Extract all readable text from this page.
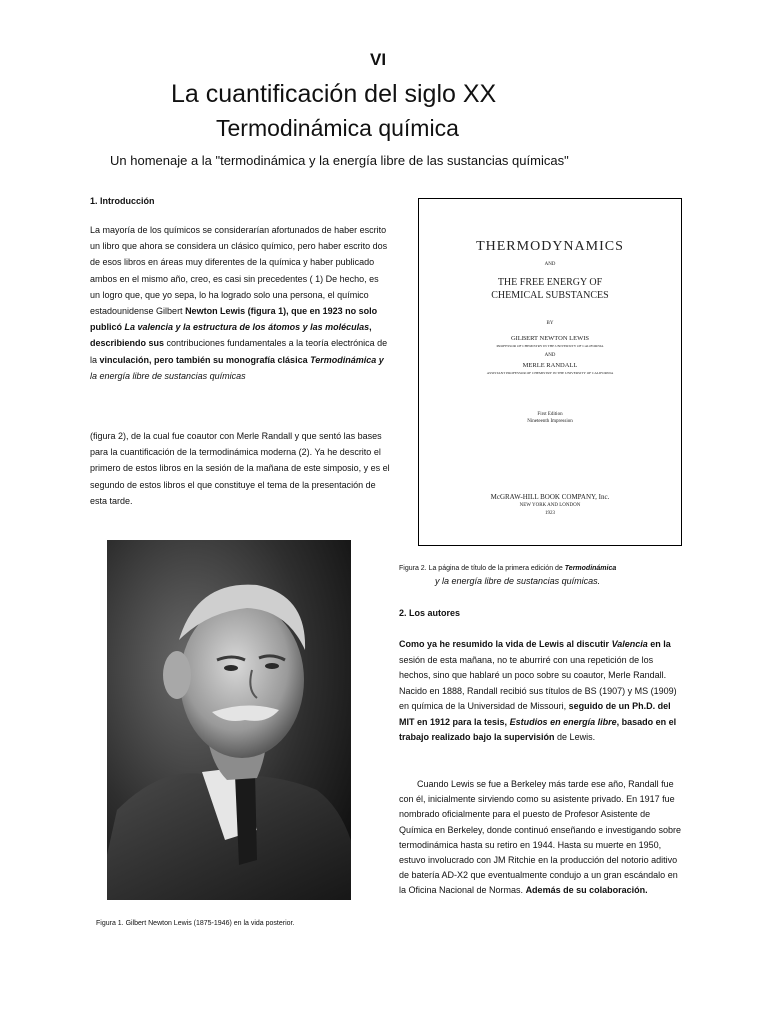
VI
La cuantificación del siglo XX
Termodinámica química
Un homenaje a la "termodinámica y la energía libre de las sustancias químicas"
1. Introducción
La mayoría de los químicos se considerarían afortunados de haber escrito un libro que ahora se considera un clásico químico, pero haber escrito dos de esos libros en áreas muy diferentes de la química y haber publicado ambos en el mismo año, creo, es casi sin precedentes ( 1) De hecho, es un logro que, que yo sepa, lo ha logrado solo una persona, el químico estadounidense Gilbert Newton Lewis (figura 1), que en 1923 no solo publicó La valencia y la estructura de los átomos y las moléculas, describiendo sus contribuciones fundamentales a la teoría electrónica de la vinculación, pero también su monografía clásica Termodinámica y la energía libre de sustancias químicas
(figura 2), de la cual fue coautor con Merle Randall y que sentó las bases para la cuantificación de la termodinámica moderna (2). Ya he descrito el primero de estos libros en la sesión de la mañana de este simposio, y es el segundo de estos libros el que constituye el tema de la presentación de esta tarde.
THERMODYNAMICS
AND
THE FREE ENERGY OF
CHEMICAL SUBSTANCES
BY
GILBERT NEWTON LEWIS
PROFESSOR OF CHEMISTRY IN THE UNIVERSITY OF CALIFORNIA
AND
MERLE RANDALL
ASSISTANT PROFESSOR OF CHEMISTRY IN THE UNIVERSITY OF CALIFORNIA
First Edition
Nineteenth Impression
McGRAW-HILL BOOK COMPANY, Inc.
NEW YORK AND LONDON
1923
Figura 2. La página de título de la primera edición de Termodinámica
y la energía libre de sustancias químicas.
2. Los autores
Como ya he resumido la vida de Lewis al discutir Valencia en la sesión de esta mañana, no te aburriré con una repetición de los hechos, sino que hablaré un poco sobre su coautor, Merle Randall. Nacido en 1888, Randall recibió sus títulos de BS (1907) y MS (1909) en química de la Universidad de Missouri, seguido de un Ph.D. del MIT en 1912 para la tesis, Estudios en energía libre, basado en el trabajo realizado bajo la supervisión de Lewis.
Cuando Lewis se fue a Berkeley más tarde ese año, Randall fue con él, inicialmente sirviendo como su asistente privado. En 1917 fue nombrado oficialmente para el puesto de Profesor Asistente de Química en Berkeley, donde continuó enseñando e investigando sobre termodinámica hasta su retiro en 1944. Hasta su muerte en 1950, estuvo involucrado con JM Ritchie en la producción del notorio aditivo de batería AD-X2 que eventualmente condujo a un gran escándalo en la Oficina Nacional de Normas. Además de su colaboración.
Figura 1. Gilbert Newton Lewis (1875-1946) en la vida posterior.
